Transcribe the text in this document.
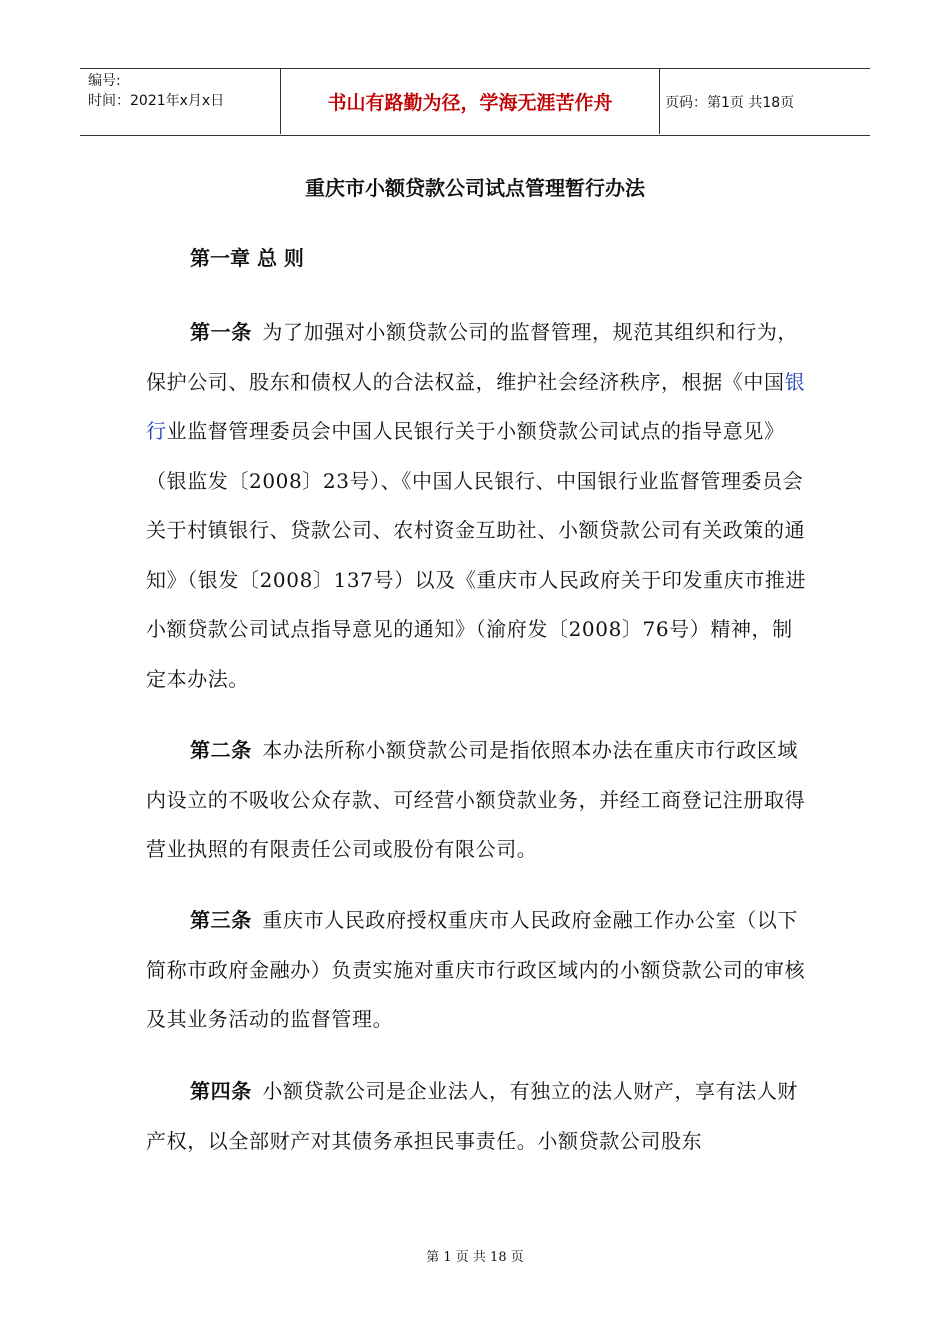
编号:
时间：2021年x月x日	书山有路勤为径，学海无涯苦作舟	页码：第1页 共18页
重庆市小额贷款公司试点管理暂行办法
第一章 总 则

第一条  为了加强对小额贷款公司的监督管理，规范其组织和行为，保护公司、股东和债权人的合法权益，维护社会经济秩序，根据《中国银行业监督管理委员会中国人民银行关于小额贷款公司试点的指导意见》（银监发〔2008〕23号）、《中国人民银行、中国银行业监督管理委员会关于村镇银行、贷款公司、农村资金互助社、小额贷款公司有关政策的通知》（银发〔2008〕137号）以及《重庆市人民政府关于印发重庆市推进小额贷款公司试点指导意见的通知》（渝府发〔2008〕76号）精神，制定本办法。

第二条  本办法所称小额贷款公司是指依照本办法在重庆市行政区域内设立的不吸收公众存款、可经营小额贷款业务，并经工商登记注册取得营业执照的有限责任公司或股份有限公司。

第三条  重庆市人民政府授权重庆市人民政府金融工作办公室（以下简称市政府金融办）负责实施对重庆市行政区域内的小额贷款公司的审核及其业务活动的监督管理。

第四条  小额贷款公司是企业法人，有独立的法人财产，享有法人财产权，以全部财产对其债务承担民事责任。小额贷款公司股东

第 1 页 共 18 页
